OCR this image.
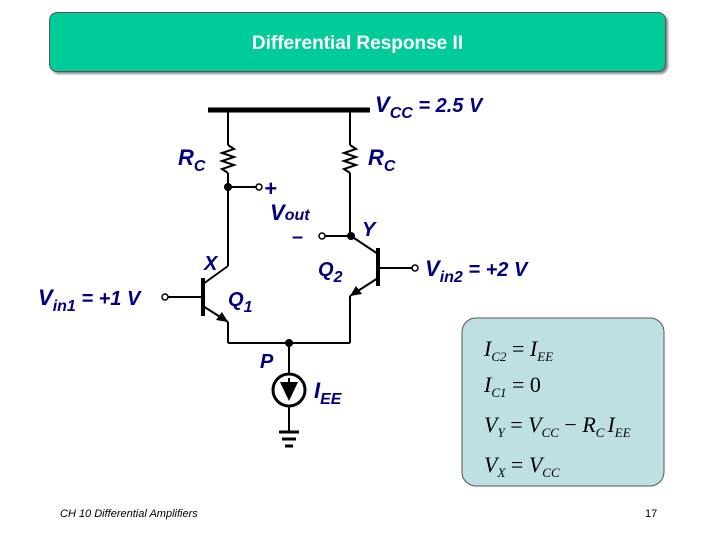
Differential Response II
$V_{CC} = 2.5$ V
$R_C$	$R_C$
+
Vout
–
X
Y
$Q_2$
$Q_1$
$V_{in1} = +1$ V
$V_{in2} = +2$ V
P
$I_{EE}$
$I_{C2} = I_{EE}$
$I_{C1} = 0$
$V_Y = V_{CC} - R_C$ $I_{EE}$
$V_X = V_{CC}$
CH 10 Differential Amplifiers	17
